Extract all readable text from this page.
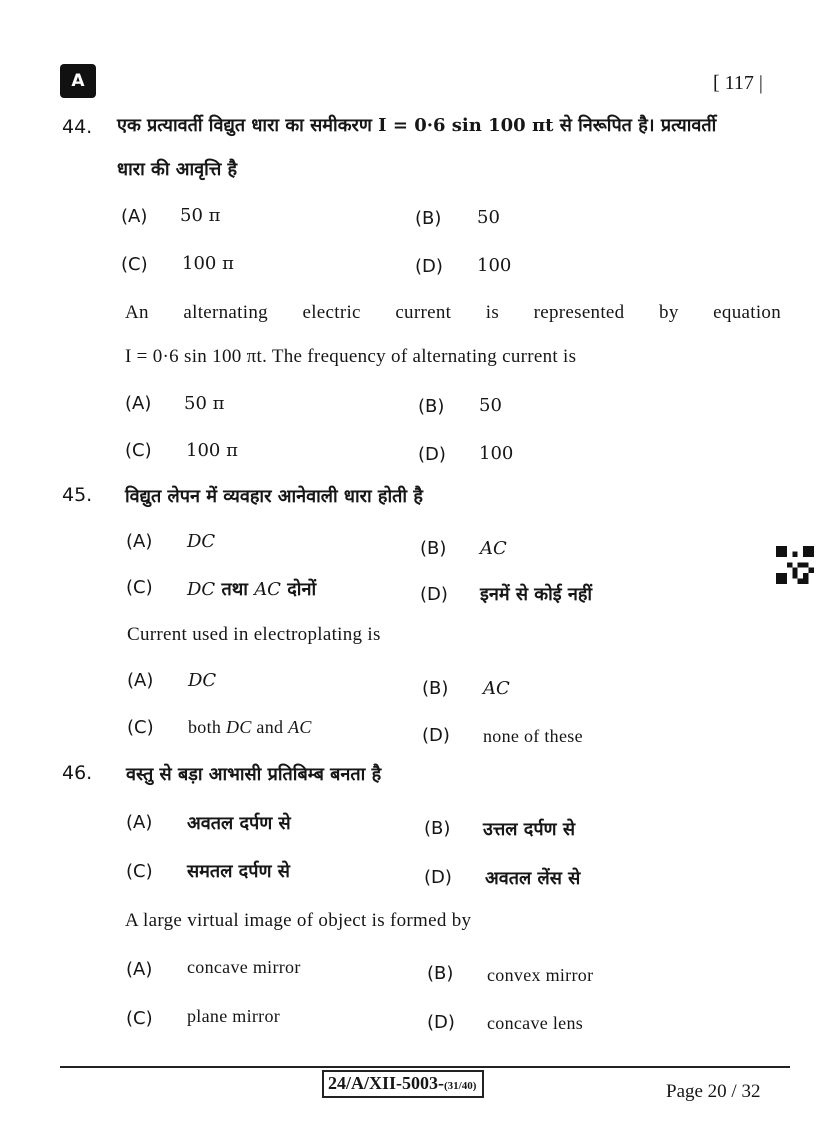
A	[ 117 |
44. एक प्रत्यावर्ती विद्युत धारा का समीकरण I = 0·6 sin 100 πt से निरूपित है। प्रत्यावर्ती
धारा की आवृत्ति है
(A) 50 π	(B) 50
(C) 100 π	(D) 100
An alternating electric current is represented by equation
I = 0·6 sin 100 πt. The frequency of alternating current is
(A) 50 π	(B) 50
(C) 100 π	(D) 100
45. विद्युत लेपन में व्यवहार आनेवाली धारा होती है
(A) DC	(B) AC
(C) DC तथा AC दोनों	(D) इनमें से कोई नहीं
Current used in electroplating is
(A) DC	(B) AC
(C) both DC and AC	(D) none of these
46. वस्तु से बड़ा आभासी प्रतिबिम्ब बनता है
(A) अवतल दर्पण से	(B) उत्तल दर्पण से
(C) समतल दर्पण से	(D) अवतल लेंस से
A large virtual image of object is formed by
(A) concave mirror	(B) convex mirror
(C) plane mirror	(D) concave lens
24/A/XII-5003-(31/40)	Page 20 / 32
